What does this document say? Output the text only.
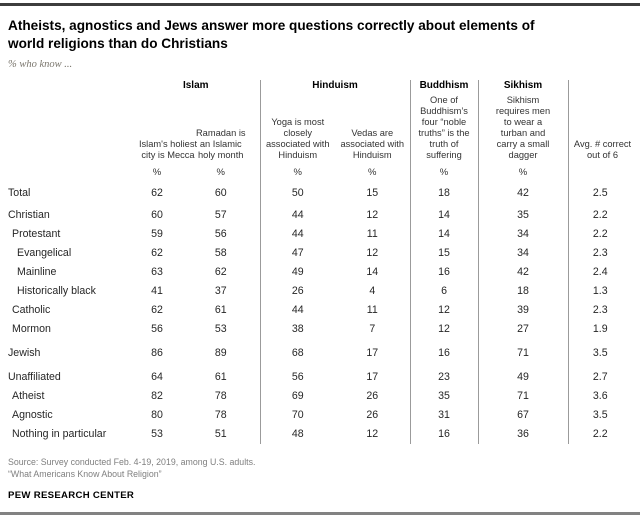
Atheists, agnostics and Jews answer more questions correctly about elements of world religions than do Christians
% who know ...
	Islam		Hinduism		Buddhism	Sikhism	

	Islam's holiest city is Mecca	Ramadan is an Islamic holy month	Yoga is most closely associated with Hinduism	Vedas are associated with Hinduism	One of Buddhism’s four “noble truths” is the truth of suffering	Sikhism requires men to wear a turban and carry a small dagger	Avg. # correct out of 6

	%	%	%	%	%	%	
Total	62	60	50	15	18	42	2.5
Christian	60	57	44	12	14	35	2.2
Protestant	59	56	44	11	14	34	2.2
Evangelical	62	58	47	12	15	34	2.3
Mainline	63	62	49	14	16	42	2.4
Historically black	41	37	26	4	6	18	1.3
Catholic	62	61	44	11	12	39	2.3
Mormon	56	53	38	7	12	27	1.9
Jewish	86	89	68	17	16	71	3.5
Unaffiliated	64	61	56	17	23	49	2.7
Atheist	82	78	69	26	35	71	3.6
Agnostic	80	78	70	26	31	67	3.5
Nothing in particular	53	51	48	12	16	36	2.2
Source: Survey conducted Feb. 4-19, 2019, among U.S. adults.
“What Americans Know About Religion”
PEW RESEARCH CENTER
